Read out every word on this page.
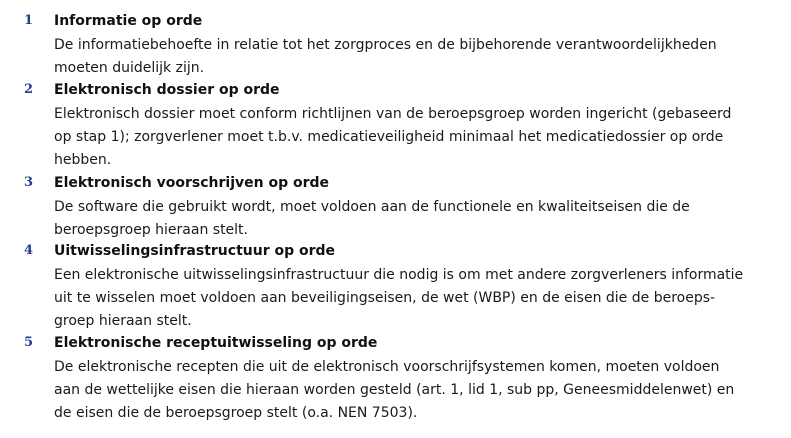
1	Informatie op orde
De informatiebehoefte in relatie tot het zorgproces en de bijbehorende verantwoordelijkheden
moeten duidelijk zijn.
2	Elektronisch dossier op orde
Elektronisch dossier moet conform richtlijnen van de beroepsgroep worden ingericht (gebaseerd
op stap 1); zorgverlener moet t.b.v. medicatieveiligheid minimaal het medicatiedossier op orde
hebben.
3	Elektronisch voorschrijven op orde
De software die gebruikt wordt, moet voldoen aan de functionele en kwaliteitseisen die de
beroepsgroep hieraan stelt.
4	Uitwisselingsinfrastructuur op orde
Een elektronische uitwisselingsinfrastructuur die nodig is om met andere zorgverleners informatie
uit te wisselen moet voldoen aan beveiligingseisen, de wet (WBP) en de eisen die de beroeps-
groep hieraan stelt.
5	Elektronische receptuitwisseling op orde
De elektronische recepten die uit de elektronisch voorschrijfsystemen komen, moeten voldoen
aan de wettelijke eisen die hieraan worden gesteld (art. 1, lid 1, sub pp, Geneesmiddelenwet) en
de eisen die de beroepsgroep stelt (o.a. NEN 7503).
